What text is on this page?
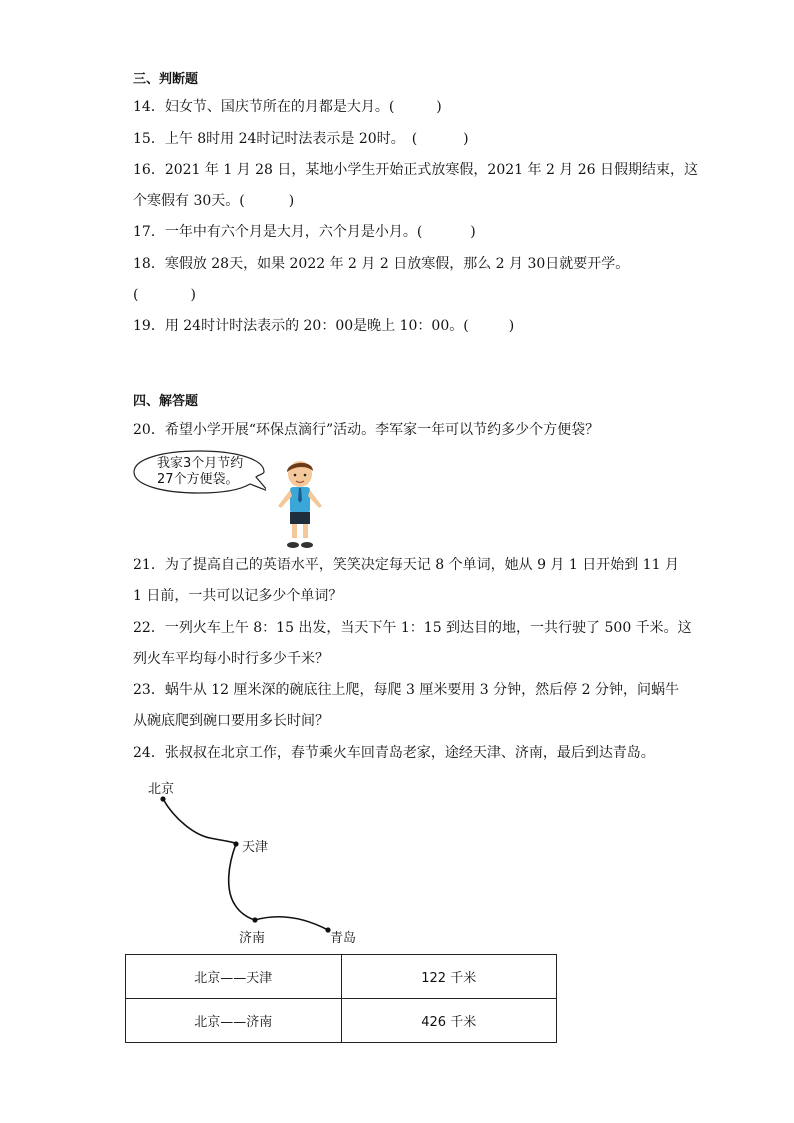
三、判断题
14．妇女节、国庆节所在的月都是大月。(	)
15．上午 8时用 24时记时法表示是 20时。　(	)
16．2021 年 1 月 28 日，某地小学生开始正式放寒假，2021 年 2 月 26 日假期结束，这
个寒假有 30天。(	)
17．一年中有六个月是大月，六个月是小月。(	)
18．寒假放 28天，如果 2022 年 2 月 2 日放寒假，那么 2 月 30日就要开学。
(	)
19．用 24时计时法表示的 20：00是晚上 10：00。(	)
四、解答题
20．希望小学开展“环保点滴行”活动。李军家一年可以节约多少个方便袋？
我家3个月节约
27个方便袋。
21．为了提高自己的英语水平，笑笑决定每天记 8 个单词，她从 9 月 1 日开始到 11 月
1 日前，一共可以记多少个单词？
22．一列火车上午 8：15 出发，当天下午 1：15 到达目的地，一共行驶了 500 千米。这
列火车平均每小时行多少千米？
23．蜗牛从 12 厘米深的碗底往上爬，每爬 3 厘米要用 3 分钟，然后停 2 分钟，问蜗牛
从碗底爬到碗口要用多长时间？
24．张叔叔在北京工作，春节乘火车回青岛老家，途经天津、济南，最后到达青岛。
北京
天津
济南	青岛
北京——天津	122 千米
北京——济南	426 千米
